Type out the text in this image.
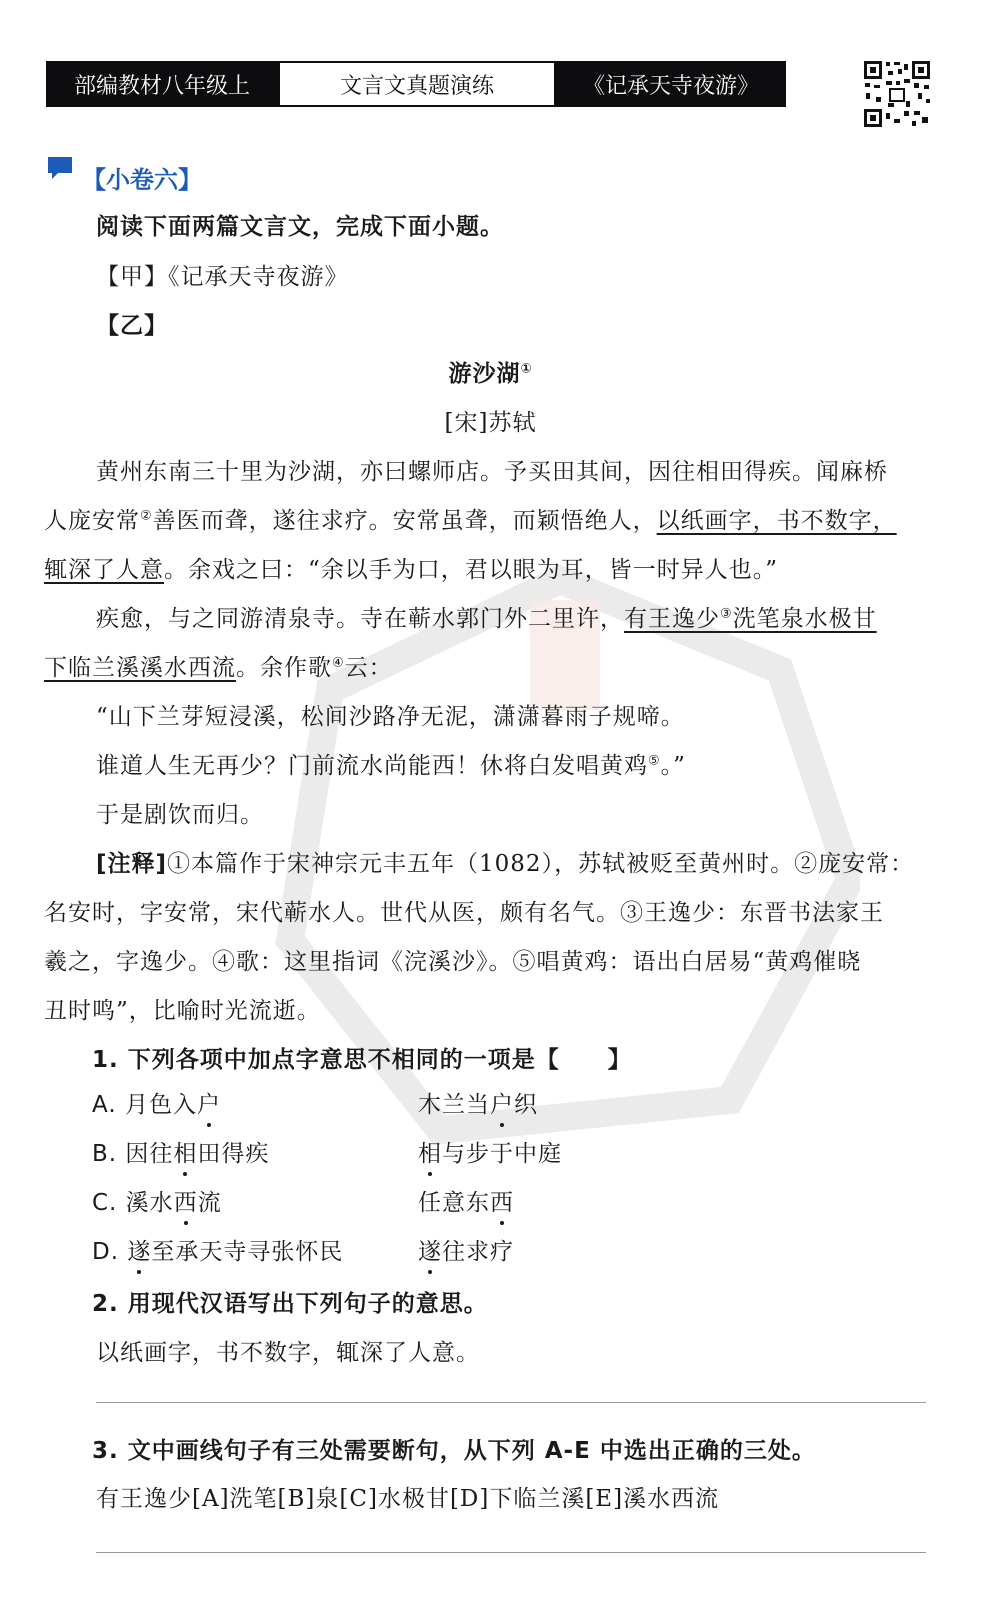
部编教材八年级上	文言文真题演练	《记承天寺夜游》
【小卷六】
阅读下面两篇文言文，完成下面小题。
【甲】《记承天寺夜游》
【乙】
游沙湖①
[宋]苏轼
黄州东南三十里为沙湖，亦曰螺师店。予买田其间，因往相田得疾。闻麻桥
人庞安常②善医而聋，遂往求疗。安常虽聋，而颖悟绝人，以纸画字，书不数字，
辄深了人意。余戏之曰：“余以手为口，君以眼为耳，皆一时异人也。”
疾愈，与之同游清泉寺。寺在蕲水郭门外二里许，有王逸少③洗笔泉水极甘
下临兰溪溪水西流。余作歌④云：
“山下兰芽短浸溪，松间沙路净无泥，潇潇暮雨子规啼。
谁道人生无再少？门前流水尚能西！休将白发唱黄鸡⑤。”
于是剧饮而归。
[注释]①本篇作于宋神宗元丰五年（1082），苏轼被贬至黄州时。②庞安常：
名安时，字安常，宋代蕲水人。世代从医，颇有名气。③王逸少：东晋书法家王
羲之，字逸少。④歌：这里指词《浣溪沙》。⑤唱黄鸡：语出白居易“黄鸡催晓
丑时鸣”，比喻时光流逝。
1. 下列各项中加点字意思不相同的一项是【　　】
A. 月色入户	木兰当户织
B. 因往相田得疾	相与步于中庭
C. 溪水西流	任意东西
D. 遂至承天寺寻张怀民	遂往求疗
2. 用现代汉语写出下列句子的意思。
以纸画字，书不数字，辄深了人意。
3. 文中画线句子有三处需要断句，从下列 A-E 中选出正确的三处。
有王逸少[A]洗笔[B]泉[C]水极甘[D]下临兰溪[E]溪水西流
